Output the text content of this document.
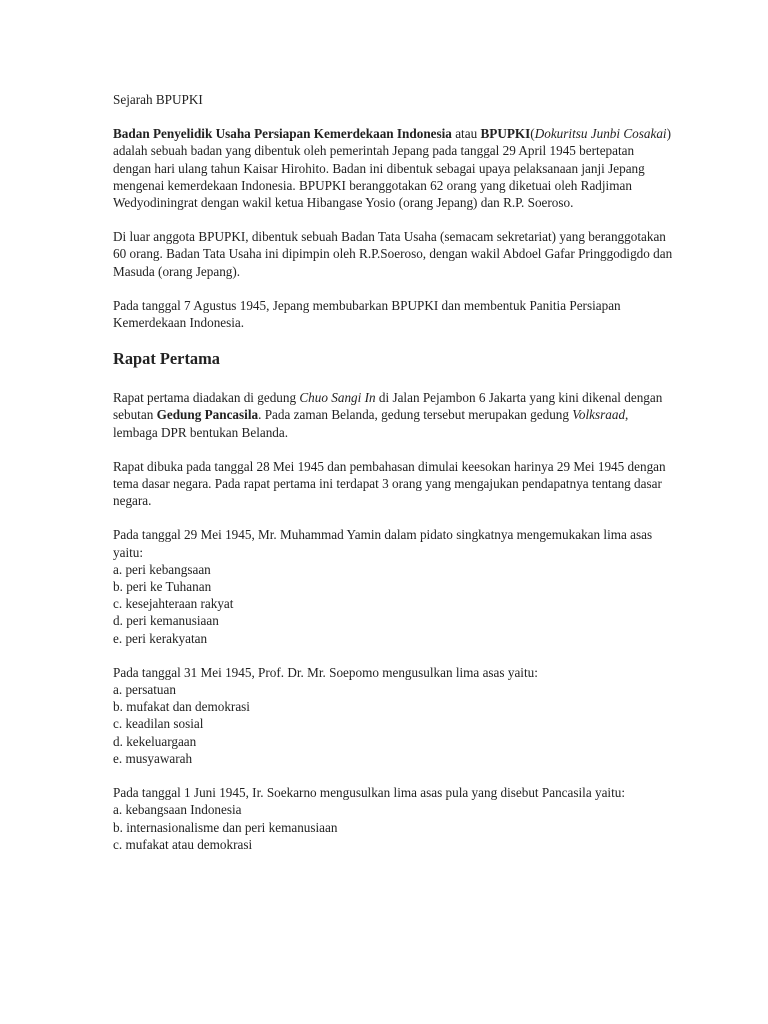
Sejarah BPUPKI

Badan Penyelidik Usaha Persiapan Kemerdekaan Indonesia atau BPUPKI(Dokuritsu Junbi Cosakai) adalah sebuah badan yang dibentuk oleh pemerintah Jepang pada tanggal 29 April 1945 bertepatan dengan hari ulang tahun Kaisar Hirohito. Badan ini dibentuk sebagai upaya pelaksanaan janji Jepang mengenai kemerdekaan Indonesia. BPUPKI beranggotakan 62 orang yang diketuai oleh Radjiman Wedyodiningrat dengan wakil ketua Hibangase Yosio (orang Jepang) dan R.P. Soeroso.

Di luar anggota BPUPKI, dibentuk sebuah Badan Tata Usaha (semacam sekretariat) yang beranggotakan 60 orang. Badan Tata Usaha ini dipimpin oleh R.P.Soeroso, dengan wakil Abdoel Gafar Pringgodigdo dan Masuda (orang Jepang).

Pada tanggal 7 Agustus 1945, Jepang membubarkan BPUPKI dan membentuk Panitia Persiapan Kemerdekaan Indonesia.

Rapat Pertama

Rapat pertama diadakan di gedung Chuo Sangi In di Jalan Pejambon 6 Jakarta yang kini dikenal dengan sebutan Gedung Pancasila. Pada zaman Belanda, gedung tersebut merupakan gedung Volksraad, lembaga DPR bentukan Belanda.

Rapat dibuka pada tanggal 28 Mei 1945 dan pembahasan dimulai keesokan harinya 29 Mei 1945 dengan tema dasar negara. Pada rapat pertama ini terdapat 3 orang yang mengajukan pendapatnya tentang dasar negara.

Pada tanggal 29 Mei 1945, Mr. Muhammad Yamin dalam pidato singkatnya mengemukakan lima asas yaitu:

a. peri kebangsaan
b. peri ke Tuhanan
c. kesejahteraan rakyat
d. peri kemanusiaan
e. peri kerakyatan

Pada tanggal 31 Mei 1945, Prof. Dr. Mr. Soepomo mengusulkan lima asas yaitu:

a. persatuan
b. mufakat dan demokrasi
c. keadilan sosial
d. kekeluargaan
e. musyawarah

Pada tanggal 1 Juni 1945, Ir. Soekarno mengusulkan lima asas pula yang disebut Pancasila yaitu:

a. kebangsaan Indonesia
b. internasionalisme dan peri kemanusiaan
c. mufakat atau demokrasi
